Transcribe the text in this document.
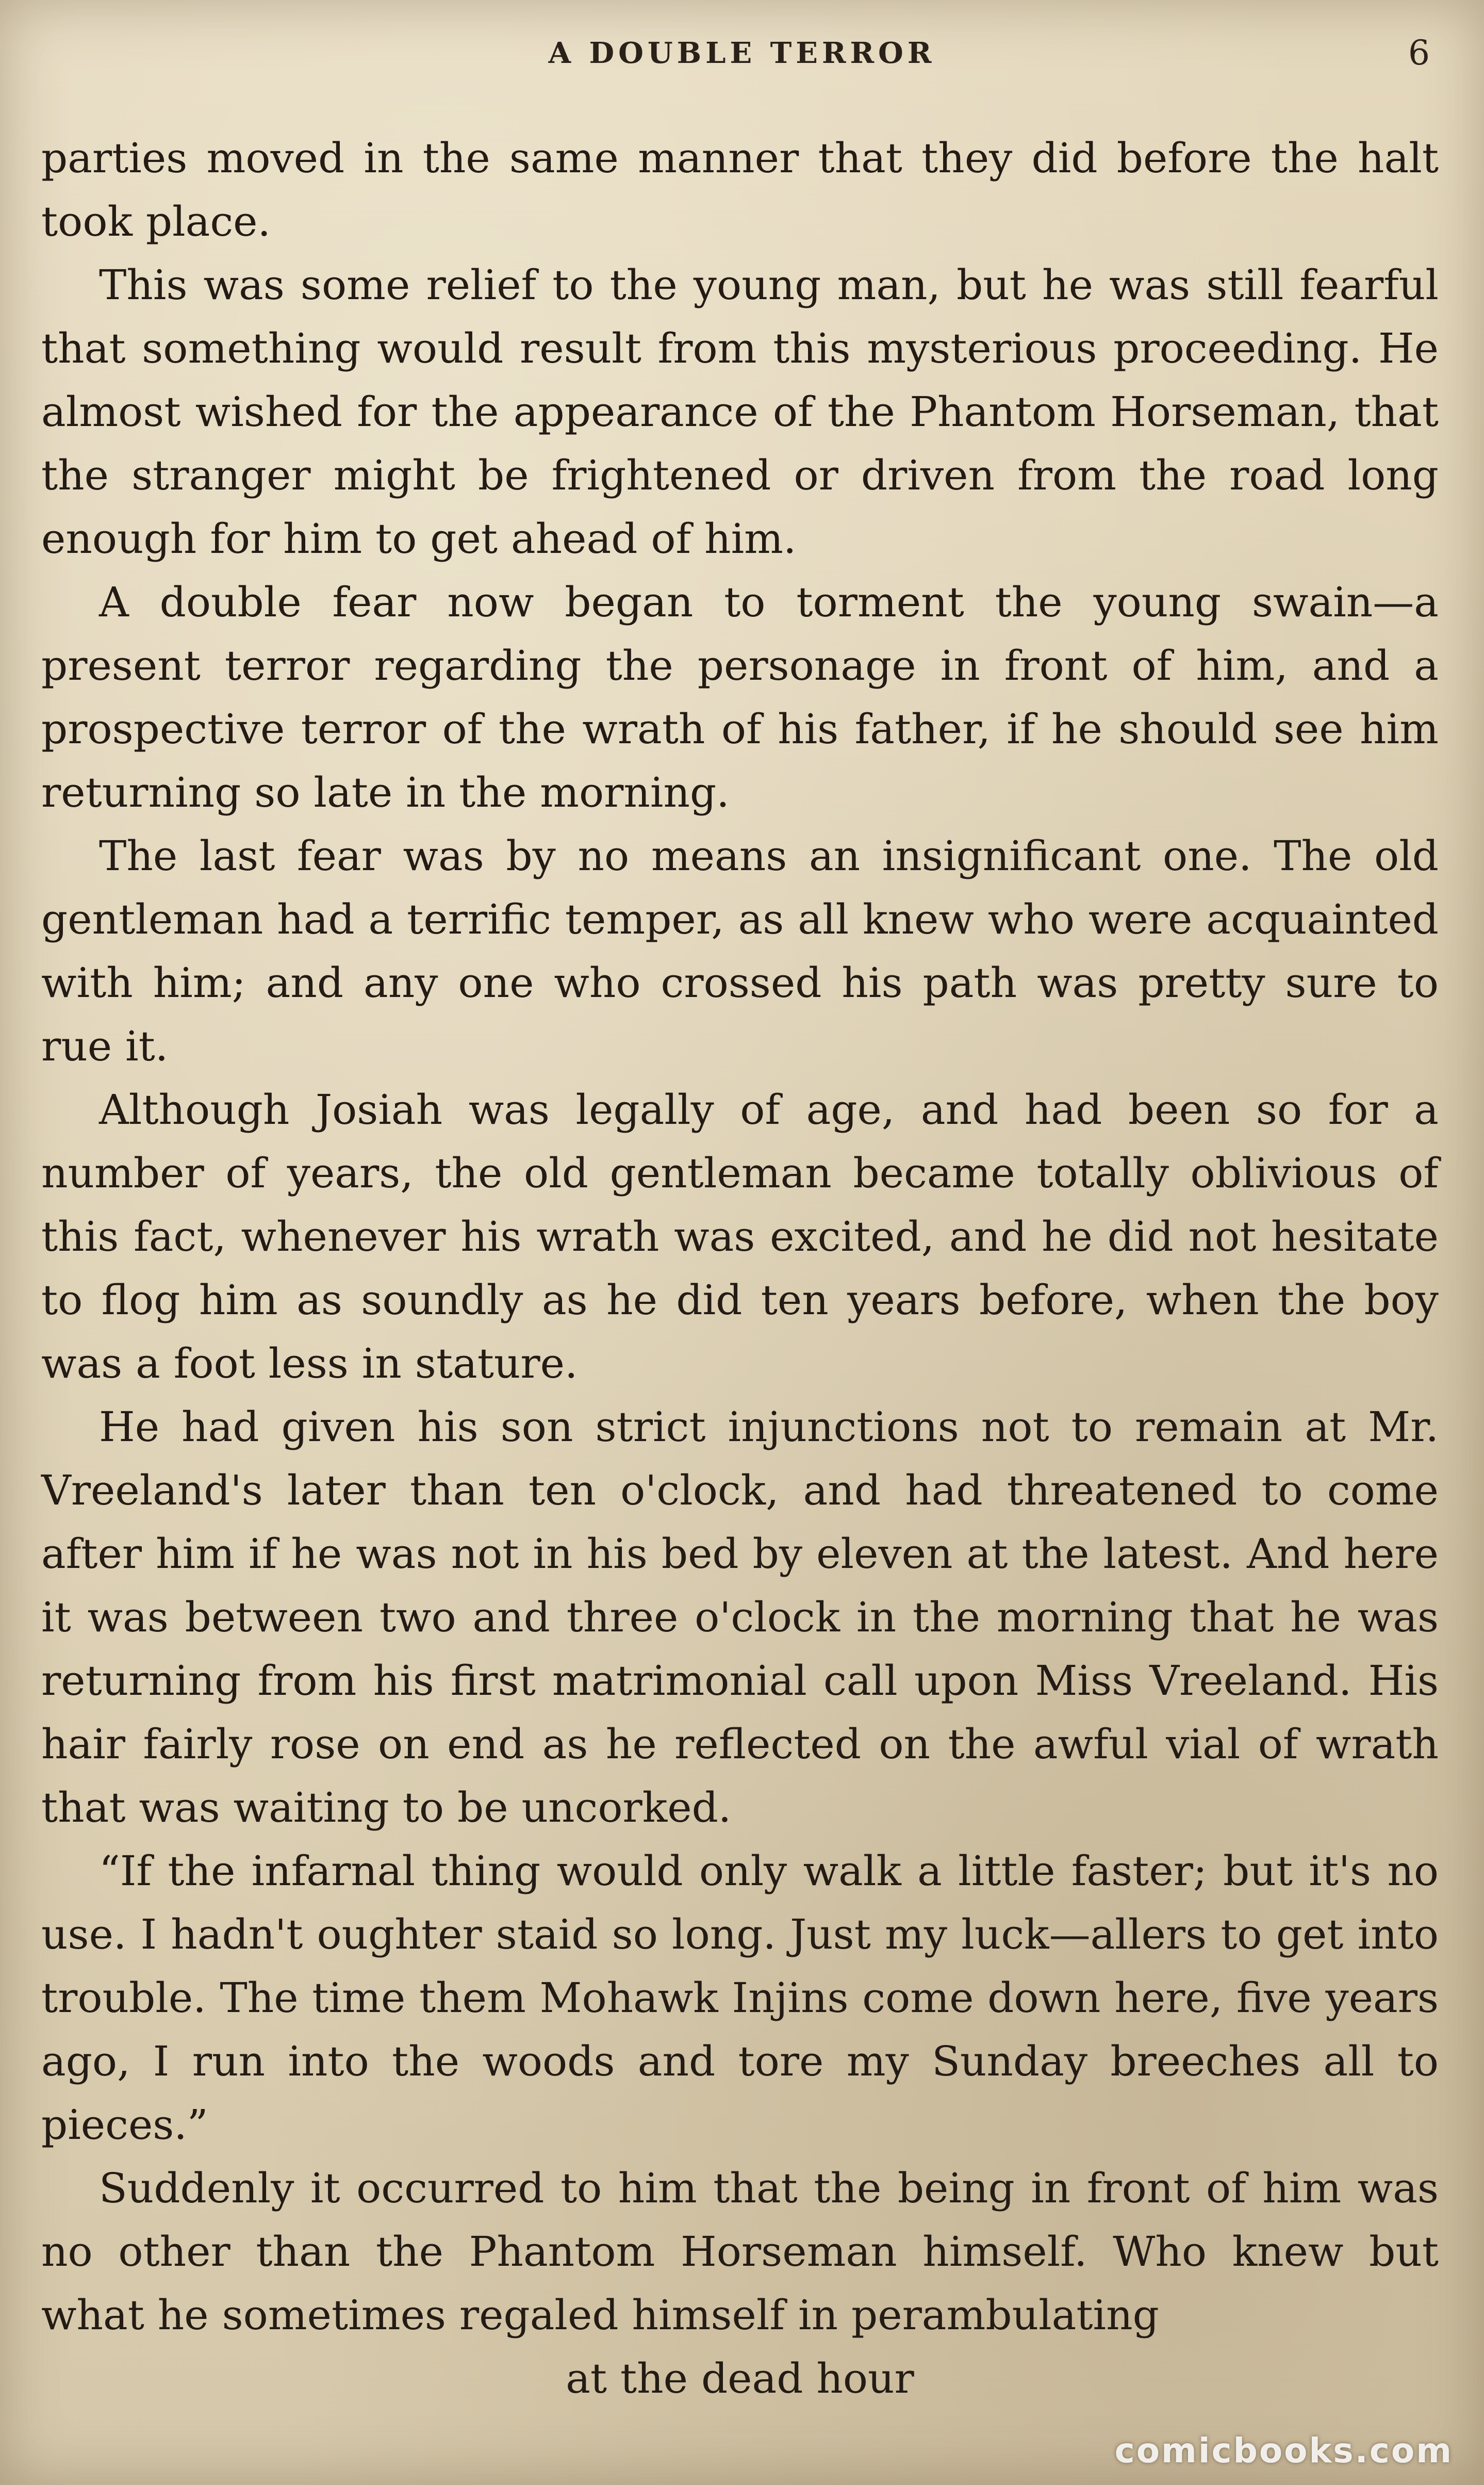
A DOUBLE TERROR	6

parties moved in the same manner that they did before the halt took place.

This was some relief to the young man, but he was still fearful that something would result from this mysterious proceeding. He almost wished for the appearance of the Phantom Horseman, that the stranger might be frightened or driven from the road long enough for him to get ahead of him.

A double fear now began to torment the young swain—a present terror regarding the personage in front of him, and a prospective terror of the wrath of his father, if he should see him returning so late in the morning.

The last fear was by no means an insignificant one. The old gentleman had a terrific temper, as all knew who were acquainted with him; and any one who crossed his path was pretty sure to rue it.

Although Josiah was legally of age, and had been so for a number of years, the old gentleman became totally oblivious of this fact, whenever his wrath was excited, and he did not hesitate to flog him as soundly as he did ten years before, when the boy was a foot less in stature.

He had given his son strict injunctions not to remain at Mr. Vreeland's later than ten o'clock, and had threatened to come after him if he was not in his bed by eleven at the latest. And here it was between two and three o'clock in the morning that he was returning from his first matrimonial call upon Miss Vreeland. His hair fairly rose on end as he reflected on the awful vial of wrath that was waiting to be uncorked.

“If the infarnal thing would only walk a little faster; but it's no use. I hadn't oughter staid so long. Just my luck—allers to get into trouble. The time them Mohawk Injins come down here, five years ago, I run into the woods and tore my Sunday breeches all to pieces.”

Suddenly it occurred to him that the being in front of him was no other than the Phantom Horseman himself. Who knew but what he sometimes regaled himself in perambulating

at the dead hour

comicbooks.com
